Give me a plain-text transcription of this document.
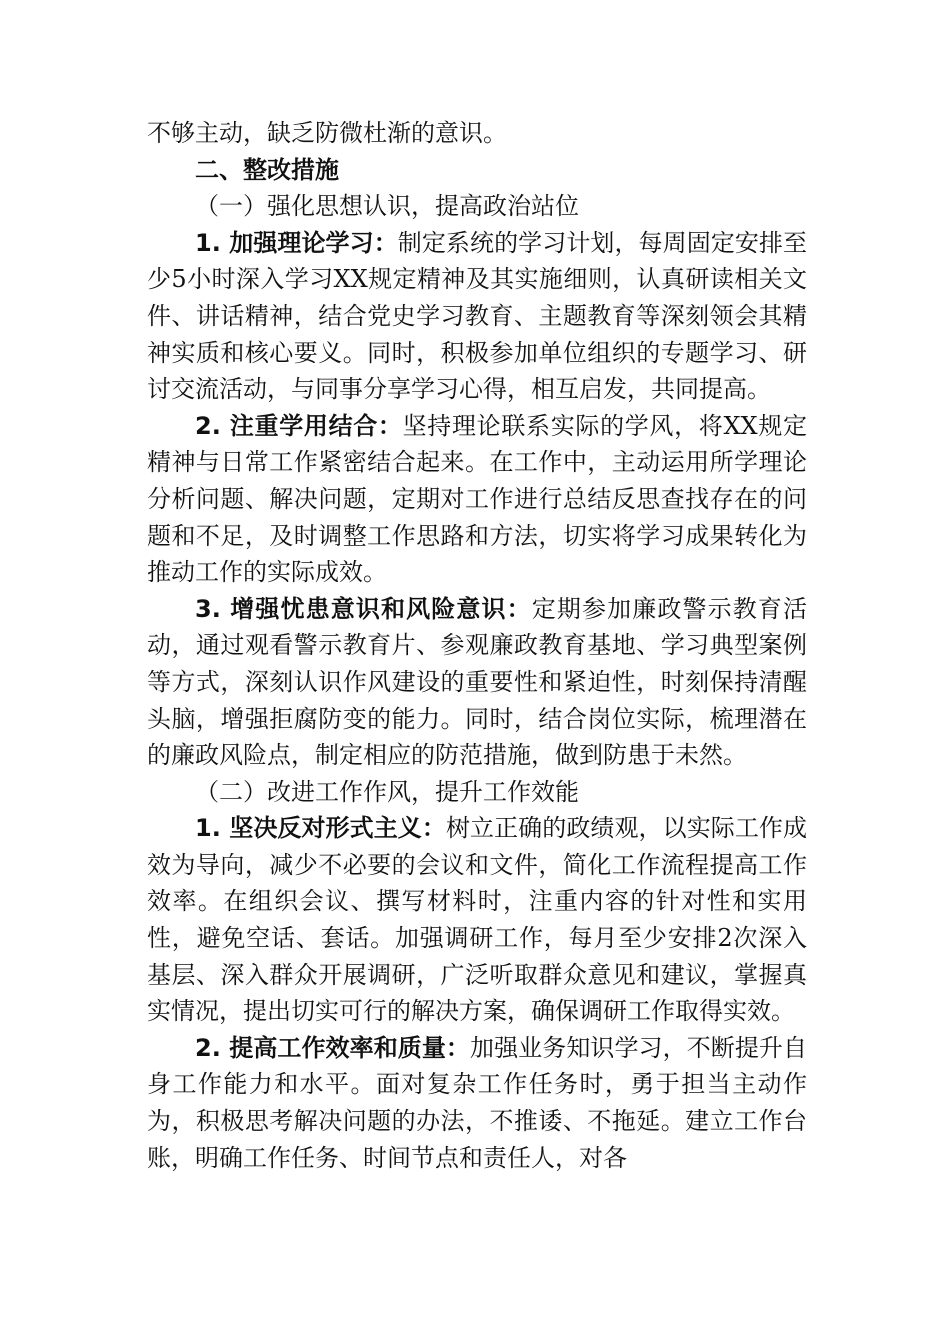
不够主动，缺乏防微杜渐的意识。

二、整改措施

（一）强化思想认识，提高政治站位

1. 加强理论学习：制定系统的学习计划，每周固定安排至少5小时深入学习XX规定精神及其实施细则，认真研读相关文件、讲话精神，结合党史学习教育、主题教育等深刻领会其精神实质和核心要义。同时，积极参加单位组织的专题学习、研讨交流活动，与同事分享学习心得，相互启发，共同提高。

2. 注重学用结合：坚持理论联系实际的学风，将XX规定精神与日常工作紧密结合起来。在工作中，主动运用所学理论分析问题、解决问题，定期对工作进行总结反思查找存在的问题和不足，及时调整工作思路和方法，切实将学习成果转化为推动工作的实际成效。

3. 增强忧患意识和风险意识：定期参加廉政警示教育活动，通过观看警示教育片、参观廉政教育基地、学习典型案例等方式，深刻认识作风建设的重要性和紧迫性，时刻保持清醒头脑，增强拒腐防变的能力。同时，结合岗位实际，梳理潜在的廉政风险点，制定相应的防范措施，做到防患于未然。

（二）改进工作作风，提升工作效能

1. 坚决反对形式主义：树立正确的政绩观，以实际工作成效为导向，减少不必要的会议和文件，简化工作流程提高工作效率。在组织会议、撰写材料时，注重内容的针对性和实用性，避免空话、套话。加强调研工作，每月至少安排2次深入基层、深入群众开展调研，广泛听取群众意见和建议，掌握真实情况，提出切实可行的解决方案，确保调研工作取得实效。

2. 提高工作效率和质量：加强业务知识学习，不断提升自身工作能力和水平。面对复杂工作任务时，勇于担当主动作为，积极思考解决问题的办法，不推诿、不拖延。建立工作台账，明确工作任务、时间节点和责任人，对各
